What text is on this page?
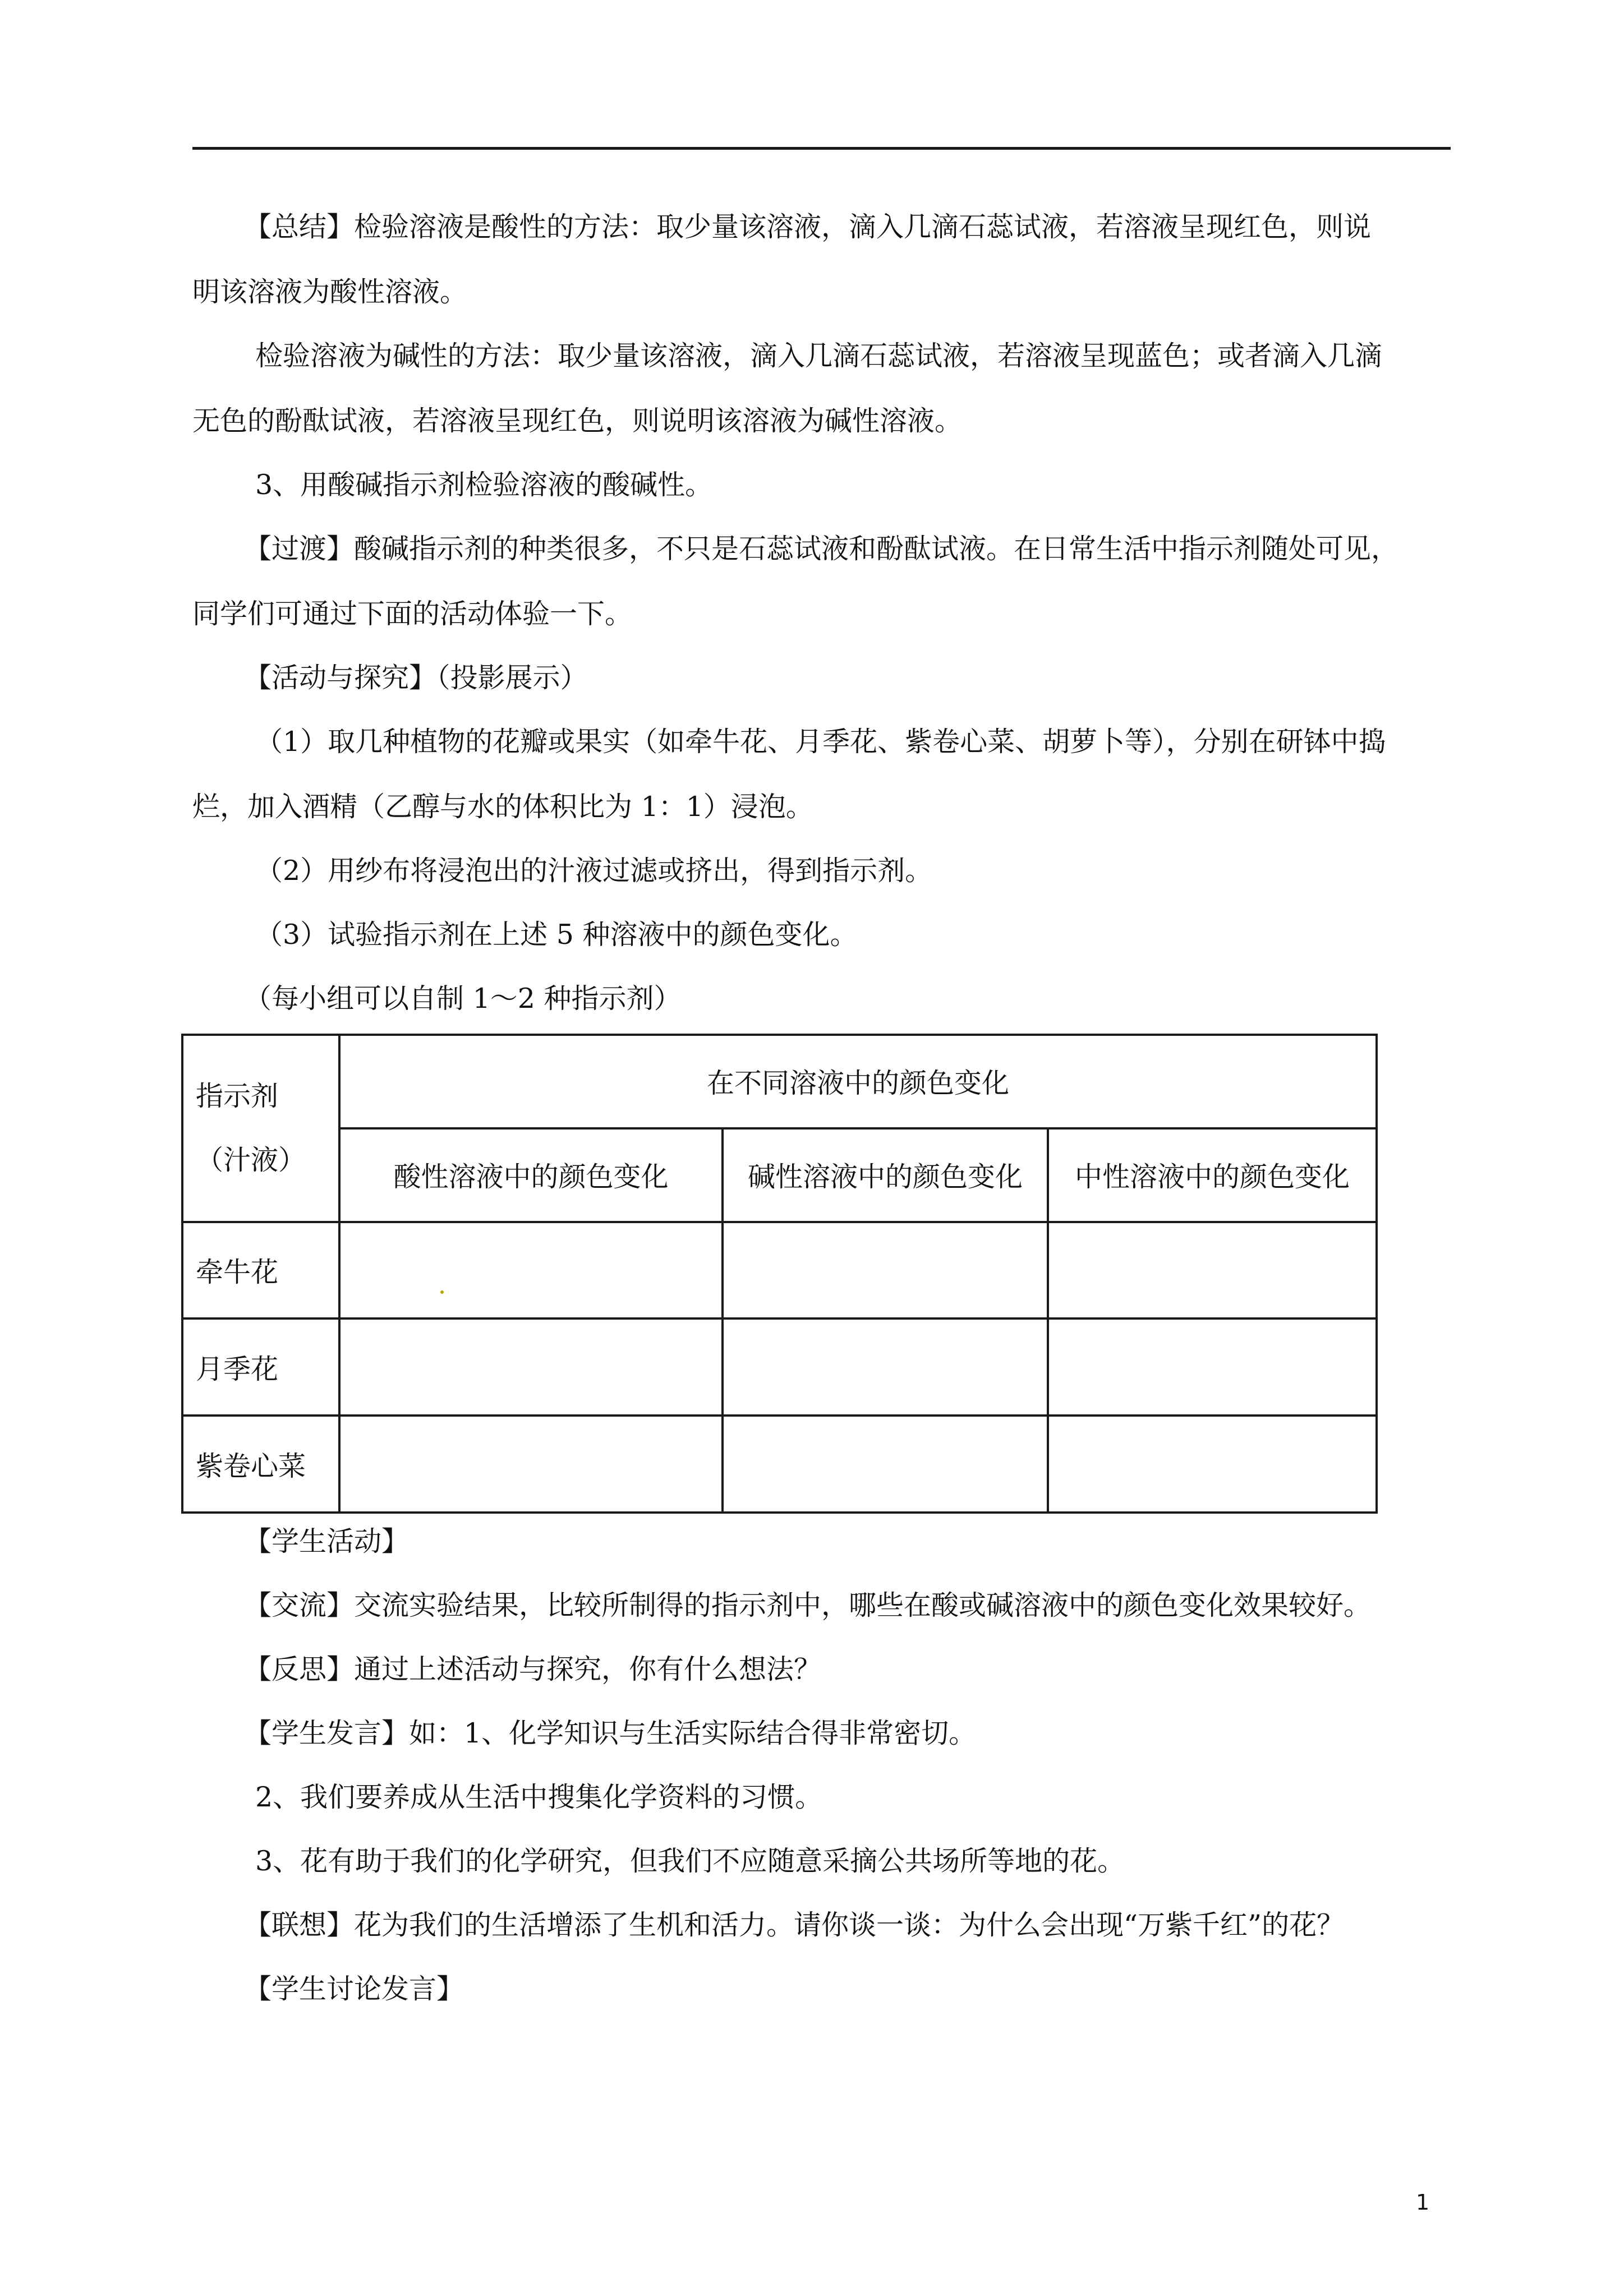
【总结】检验溶液是酸性的方法：取少量该溶液，滴入几滴石蕊试液，若溶液呈现红色，则说

明该溶液为酸性溶液。

检验溶液为碱性的方法：取少量该溶液，滴入几滴石蕊试液，若溶液呈现蓝色；或者滴入几滴

无色的酚酞试液，若溶液呈现红色，则说明该溶液为碱性溶液。

3、用酸碱指示剂检验溶液的酸碱性。

【过渡】酸碱指示剂的种类很多，不只是石蕊试液和酚酞试液。在日常生活中指示剂随处可见，

同学们可通过下面的活动体验一下。

【活动与探究】（投影展示）

（1）取几种植物的花瓣或果实（如牵牛花、月季花、紫卷心菜、胡萝卜等），分别在研钵中捣

烂，加入酒精（乙醇与水的体积比为 1：1）浸泡。

（2）用纱布将浸泡出的汁液过滤或挤出，得到指示剂。

（3）试验指示剂在上述 5 种溶液中的颜色变化。

（每小组可以自制 1～2 种指示剂）

指示剂
（汁液）	在不同溶液中的颜色变化		
	酸性溶液中的颜色变化	碱性溶液中的颜色变化	中性溶液中的颜色变化
牵牛花			
月季花			
紫卷心菜			

【学生活动】

【交流】交流实验结果，比较所制得的指示剂中，哪些在酸或碱溶液中的颜色变化效果较好。

【反思】通过上述活动与探究，你有什么想法？

【学生发言】如：1、化学知识与生活实际结合得非常密切。

2、我们要养成从生活中搜集化学资料的习惯。

3、花有助于我们的化学研究，但我们不应随意采摘公共场所等地的花。

【联想】花为我们的生活增添了生机和活力。请你谈一谈：为什么会出现“万紫千红”的花？

【学生讨论发言】

1
